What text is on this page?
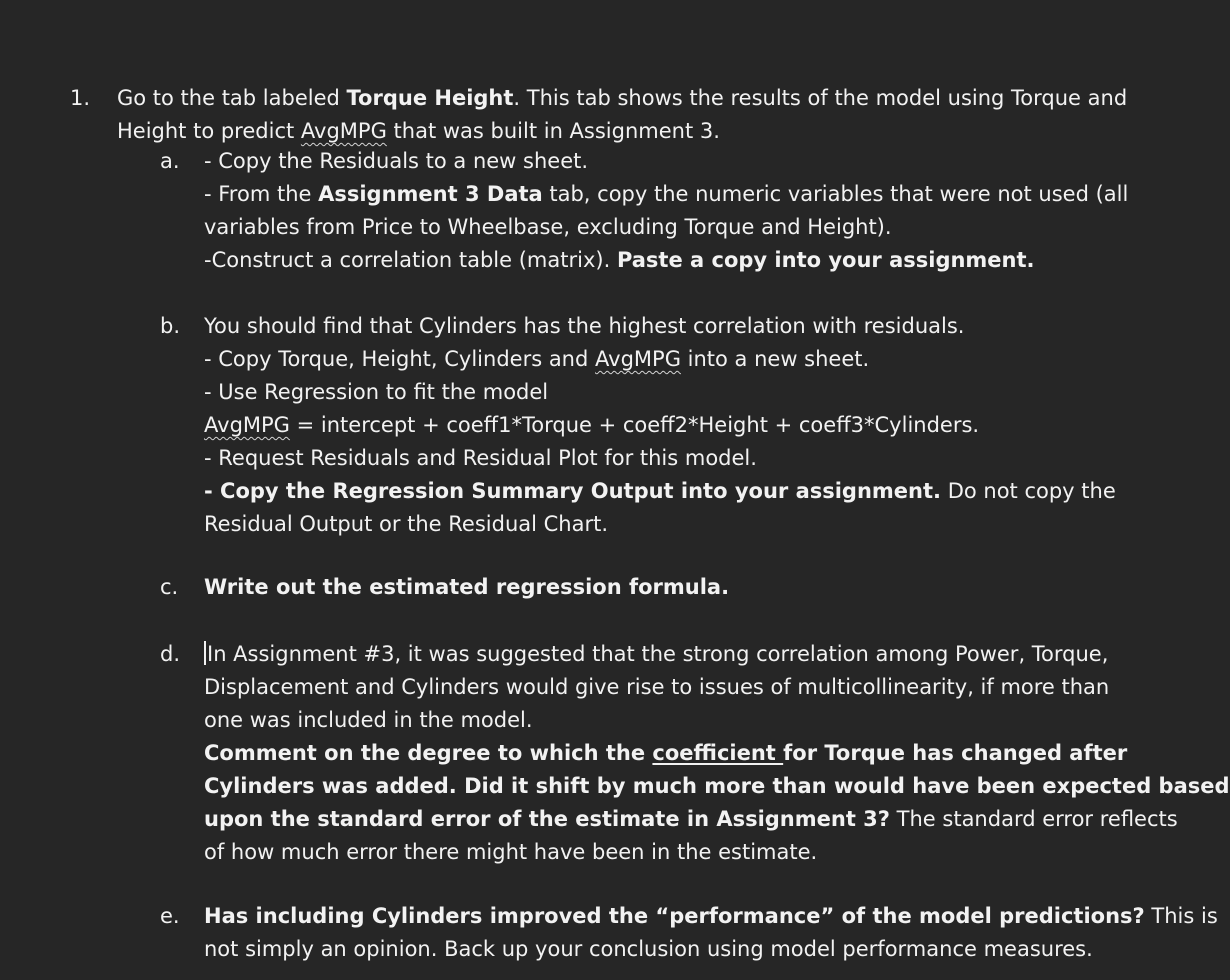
1.	Go to the tab labeled Torque Height. This tab shows the results of the model using Torque and
Height to predict AvgMPG that was built in Assignment 3.
a.	- Copy the Residuals to a new sheet.
- From the Assignment 3 Data tab, copy the numeric variables that were not used (all
variables from Price to Wheelbase, excluding Torque and Height).
-Construct a correlation table (matrix). Paste a copy into your assignment.
b.	You should find that Cylinders has the highest correlation with residuals.
- Copy Torque, Height, Cylinders and AvgMPG into a new sheet.
- Use Regression to fit the model
AvgMPG = intercept + coeff1*Torque + coeff2*Height + coeff3*Cylinders.
- Request Residuals and Residual Plot for this model.
- Copy the Regression Summary Output into your assignment. Do not copy the
Residual Output or the Residual Chart.
c.	Write out the estimated regression formula.
d.	In Assignment #3, it was suggested that the strong correlation among Power, Torque,
Displacement and Cylinders would give rise to issues of multicollinearity, if more than
one was included in the model.
Comment on the degree to which the coefficient for Torque has changed after
Cylinders was added. Did it shift by much more than would have been expected based
upon the standard error of the estimate in Assignment 3? The standard error reflects
of how much error there might have been in the estimate.
e.	Has including Cylinders improved the “performance” of the model predictions? This is
not simply an opinion. Back up your conclusion using model performance measures.
